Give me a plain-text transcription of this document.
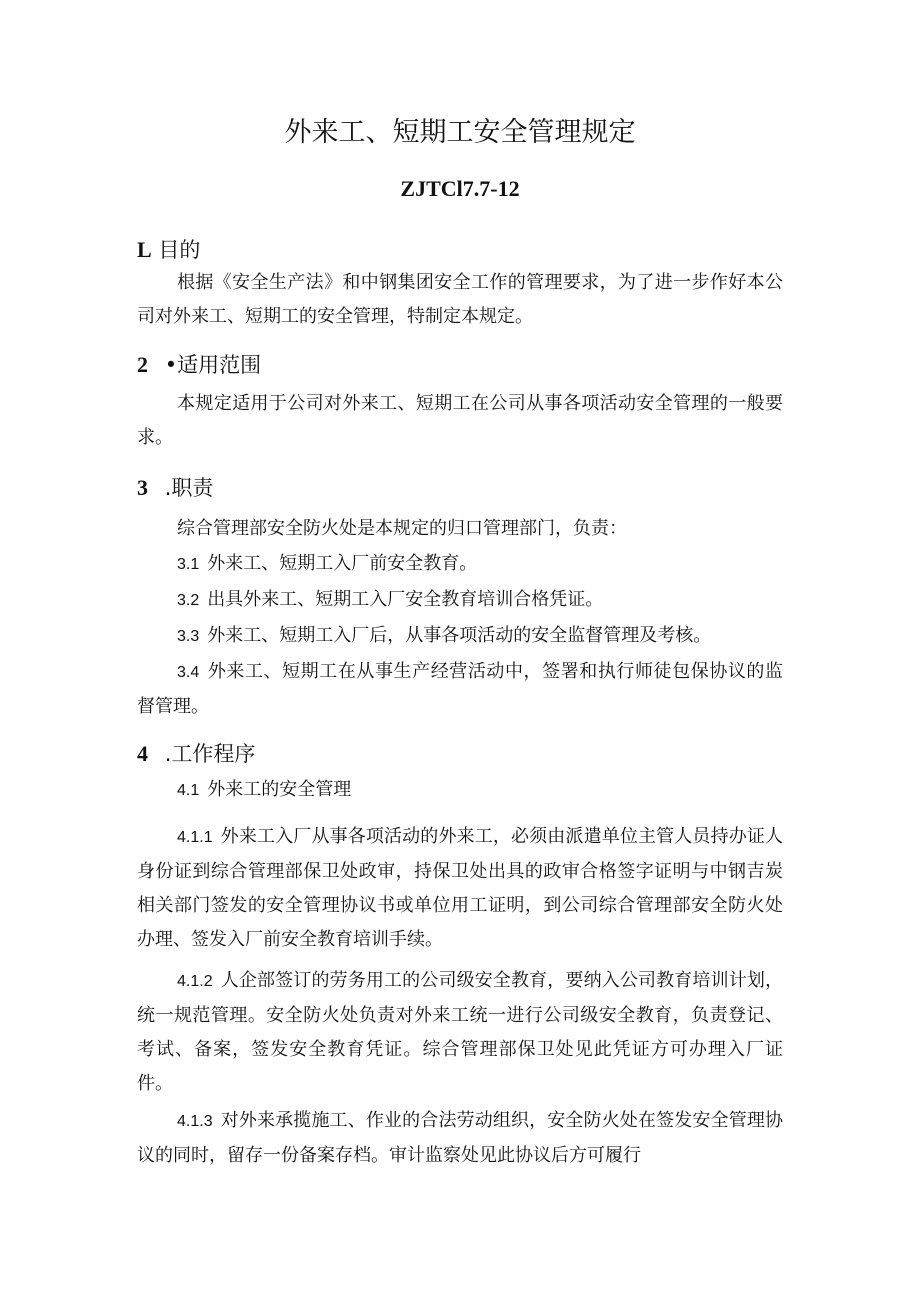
外来工、短期工安全管理规定
ZJTCl7.7-12
L 目的
根据《安全生产法》和中钢集团安全工作的管理要求，为了进一步作好本公司对外来工、短期工的安全管理，特制定本规定。
2 •适用范围
本规定适用于公司对外来工、短期工在公司从事各项活动安全管理的一般要求。
3 .职责
综合管理部安全防火处是本规定的归口管理部门，负责：
3.1 外来工、短期工入厂前安全教育。
3.2 出具外来工、短期工入厂安全教育培训合格凭证。
3.3 外来工、短期工入厂后，从事各项活动的安全监督管理及考核。
3.4 外来工、短期工在从事生产经营活动中，签署和执行师徒包保协议的监督管理。
4 .工作程序
4.1 外来工的安全管理
4.1.1 外来工入厂从事各项活动的外来工，必须由派遣单位主管人员持办证人身份证到综合管理部保卫处政审，持保卫处出具的政审合格签字证明与中钢吉炭相关部门签发的安全管理协议书或单位用工证明，到公司综合管理部安全防火处办理、签发入厂前安全教育培训手续。
4.1.2 人企部签订的劳务用工的公司级安全教育，要纳入公司教育培训计划，统一规范管理。安全防火处负责对外来工统一进行公司级安全教育，负责登记、考试、备案，签发安全教育凭证。综合管理部保卫处见此凭证方可办理入厂证件。
4.1.3 对外来承揽施工、作业的合法劳动组织，安全防火处在签发安全管理协议的同时，留存一份备案存档。审计监察处见此协议后方可履行
